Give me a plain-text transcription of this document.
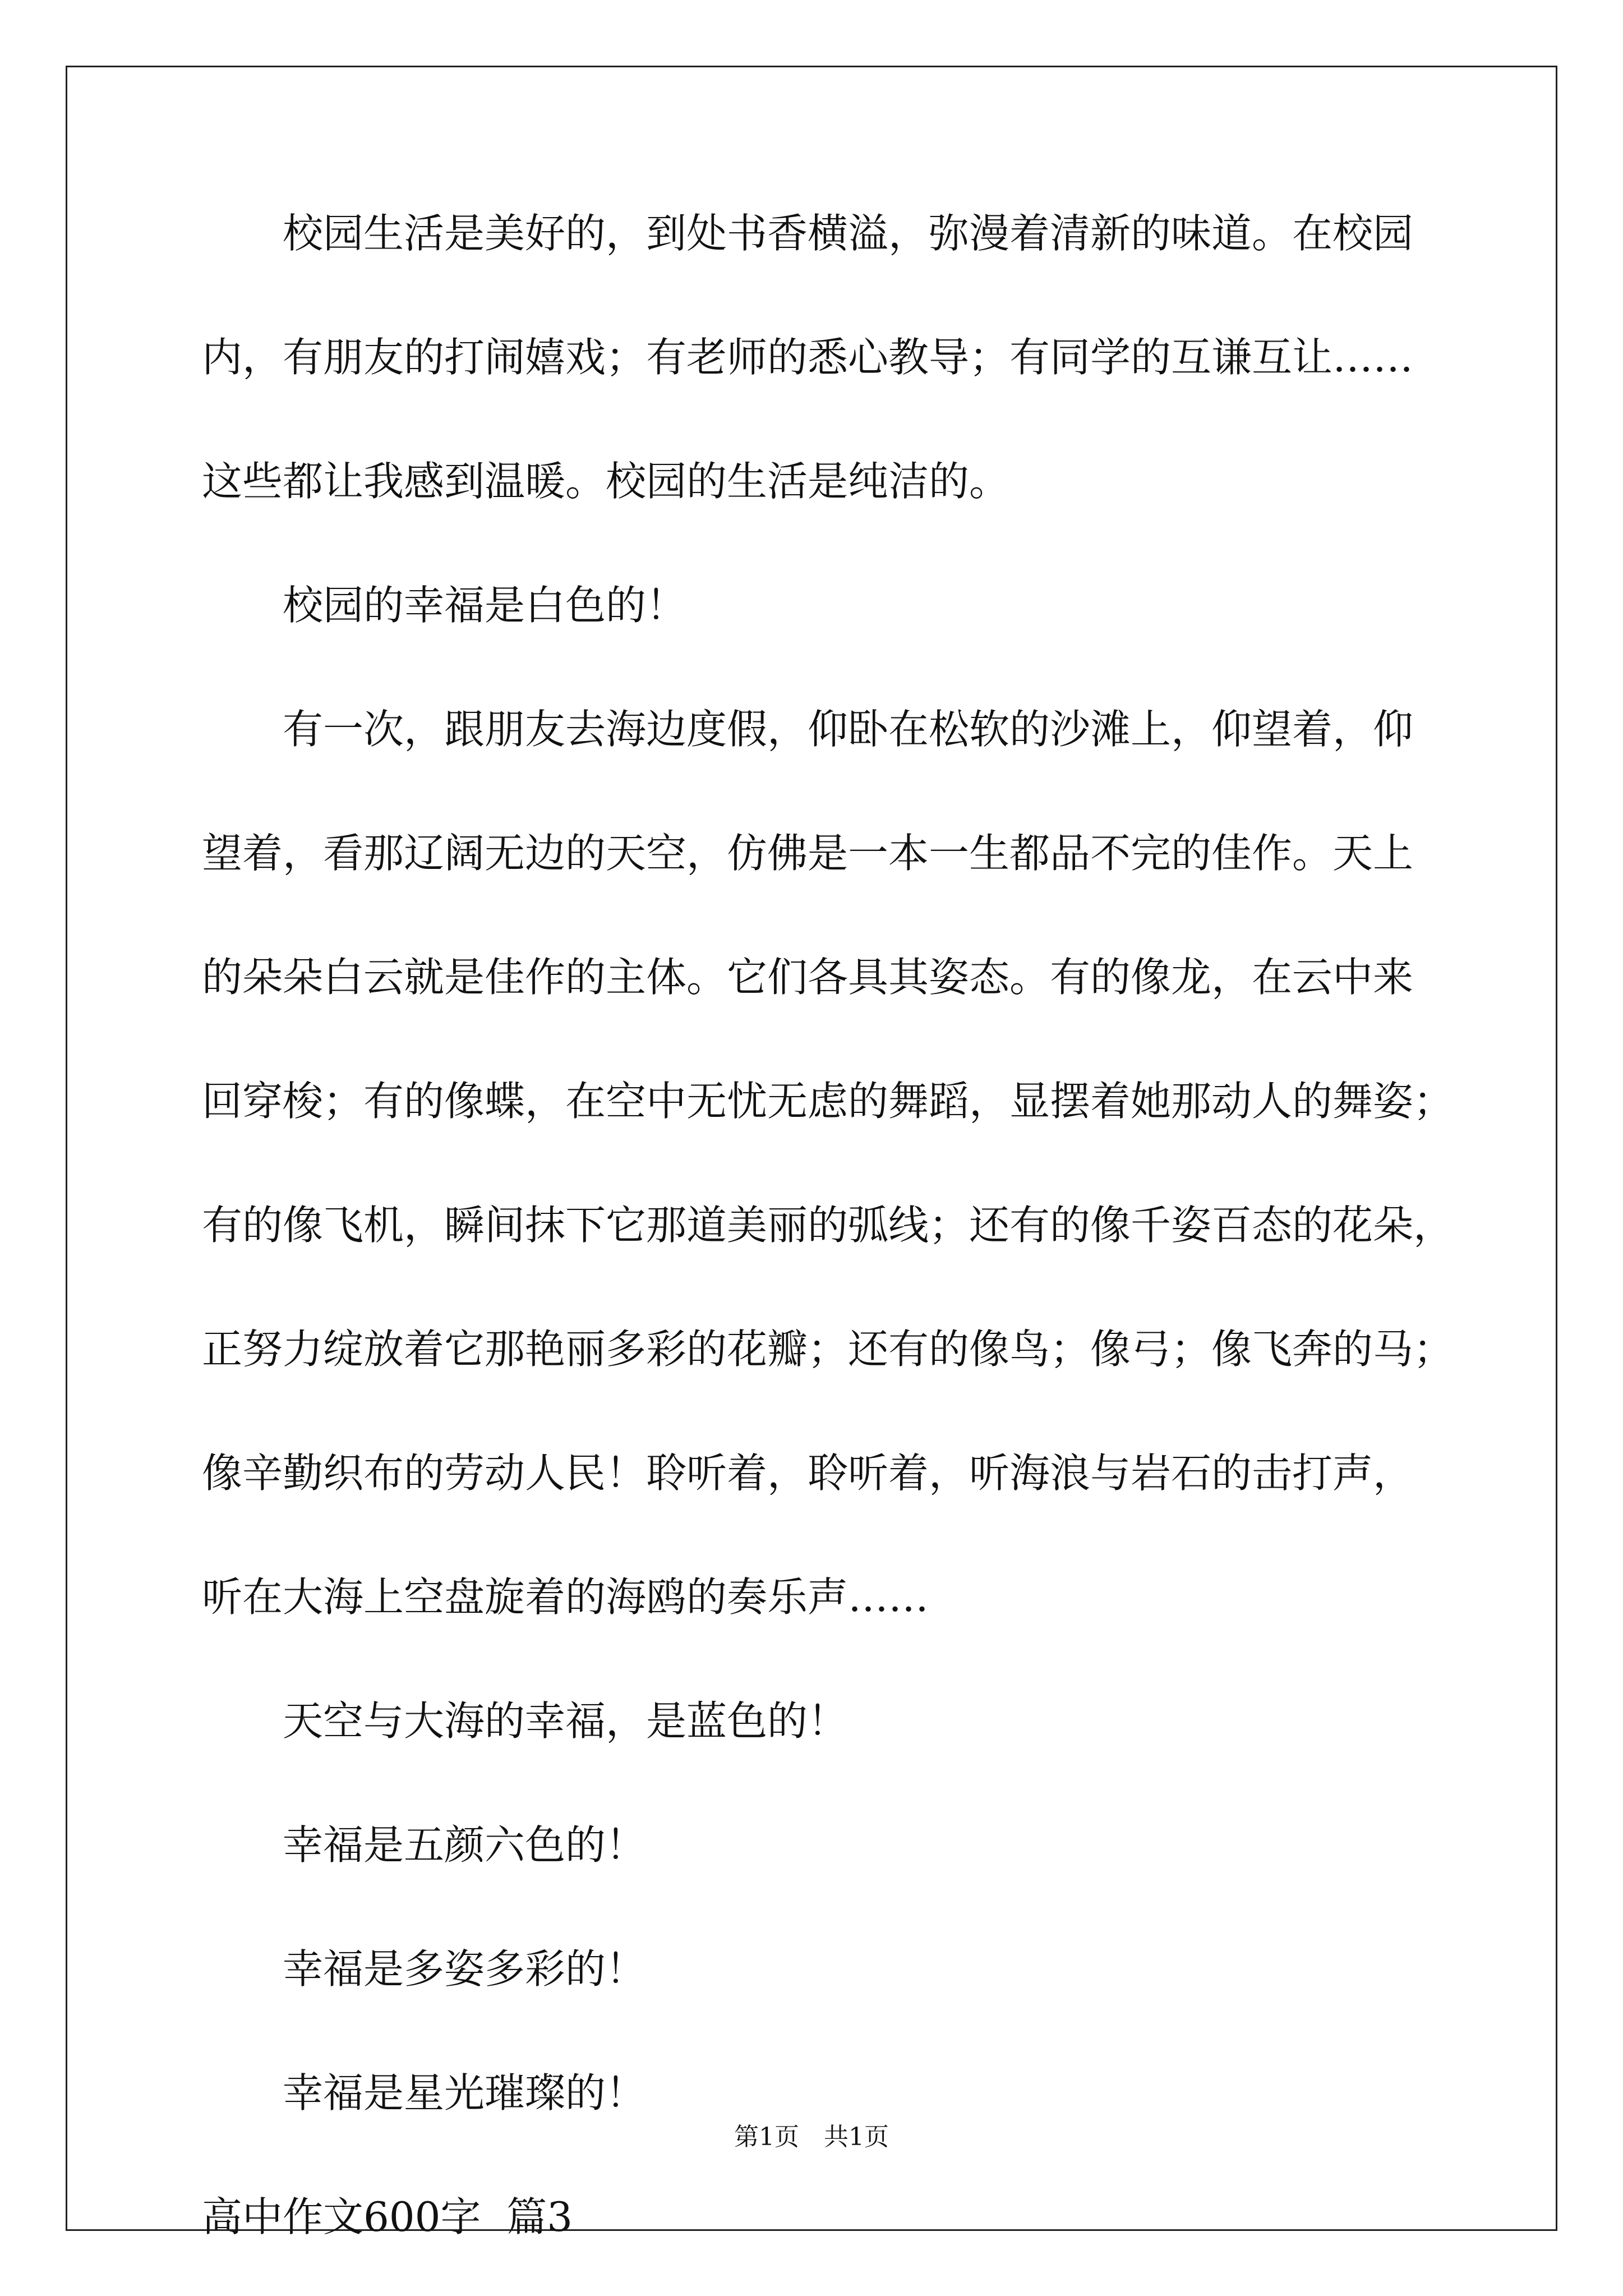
校园生活是美好的，到处书香横溢，弥漫着清新的味道。在校园
内，有朋友的打闹嬉戏；有老师的悉心教导；有同学的互谦互让……
这些都让我感到温暖。校园的生活是纯洁的。
校园的幸福是白色的！
有一次，跟朋友去海边度假，仰卧在松软的沙滩上，仰望着，仰
望着，看那辽阔无边的天空，仿佛是一本一生都品不完的佳作。天上
的朵朵白云就是佳作的主体。它们各具其姿态。有的像龙，在云中来
回穿梭；有的像蝶，在空中无忧无虑的舞蹈，显摆着她那动人的舞姿；
有的像飞机，瞬间抹下它那道美丽的弧线；还有的像千姿百态的花朵，
正努力绽放着它那艳丽多彩的花瓣；还有的像鸟；像弓；像飞奔的马；
像辛勤织布的劳动人民！聆听着，聆听着，听海浪与岩石的击打声，
听在大海上空盘旋着的海鸥的奏乐声……
天空与大海的幸福，是蓝色的！
幸福是五颜六色的！
幸福是多姿多彩的！
幸福是星光璀璨的！
高中作文600字  篇3
第1页 共1页
